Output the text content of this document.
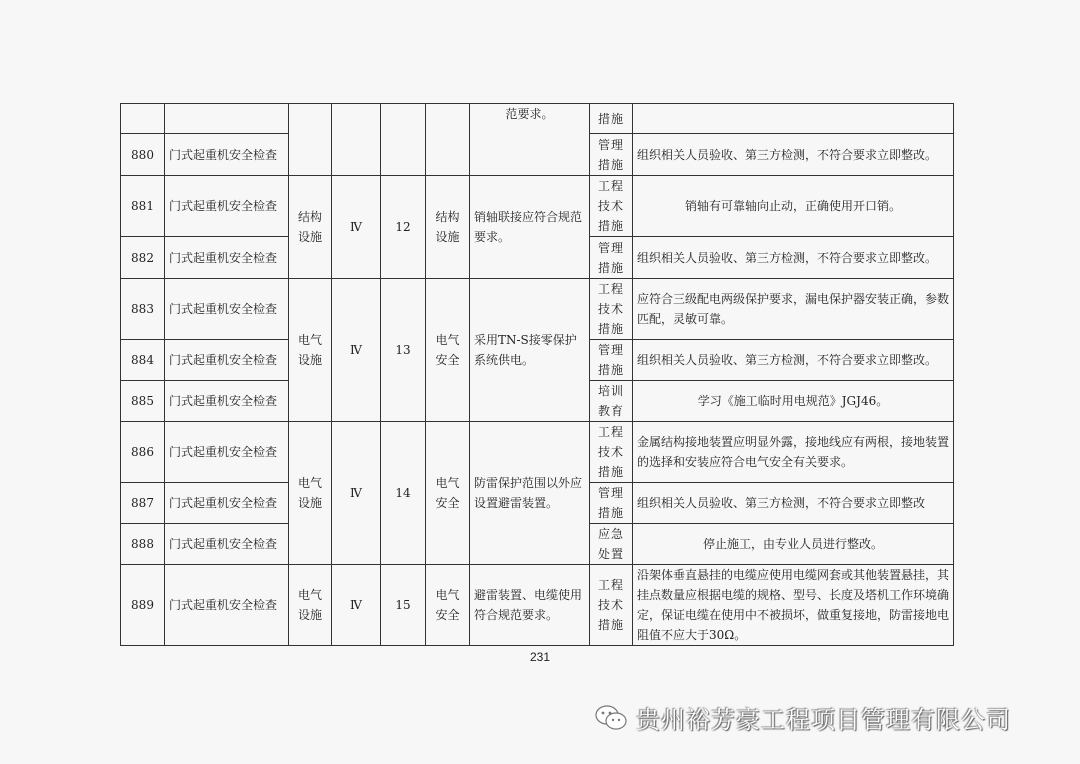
						范要求。	措施	
880	门式起重机安全检查						管理措施	组织相关人员验收、第三方检测，不符合要求立即整改。
881	门式起重机安全检查	结构设施	Ⅳ	12	结构设施	销轴联接应符合规范要求。	工程技术措施	销轴有可靠轴向止动，正确使用开口销。
882	门式起重机安全检查						管理措施	组织相关人员验收、第三方检测，不符合要求立即整改。
883	门式起重机安全检查	电气设施	Ⅳ	13	电气安全	采用TN-S接零保护系统供电。	工程技术措施	应符合三级配电两级保护要求，漏电保护器安装正确，参数匹配，灵敏可靠。
884	门式起重机安全检查						管理措施	组织相关人员验收、第三方检测，不符合要求立即整改。
885	门式起重机安全检查						培训教育	学习《施工临时用电规范》JGJ46。
886	门式起重机安全检查	电气设施	Ⅳ	14	电气安全	防雷保护范围以外应设置避雷装置。	工程技术措施	金属结构接地装置应明显外露，接地线应有两根，接地装置的选择和安装应符合电气安全有关要求。
887	门式起重机安全检查						管理措施	组织相关人员验收、第三方检测，不符合要求立即整改
888	门式起重机安全检查						应急处置	停止施工，由专业人员进行整改。
889	门式起重机安全检查	电气设施	Ⅳ	15	电气安全	避雷装置、电缆使用符合规范要求。	工程技术措施	沿架体垂直悬挂的电缆应使用电缆网套或其他装置悬挂，其挂点数量应根据电缆的规格、型号、长度及塔机工作环境确定，保证电缆在使用中不被损坏，做重复接地，防雷接地电阻值不应大于30Ω。
231
贵州裕芳豪工程项目管理有限公司
